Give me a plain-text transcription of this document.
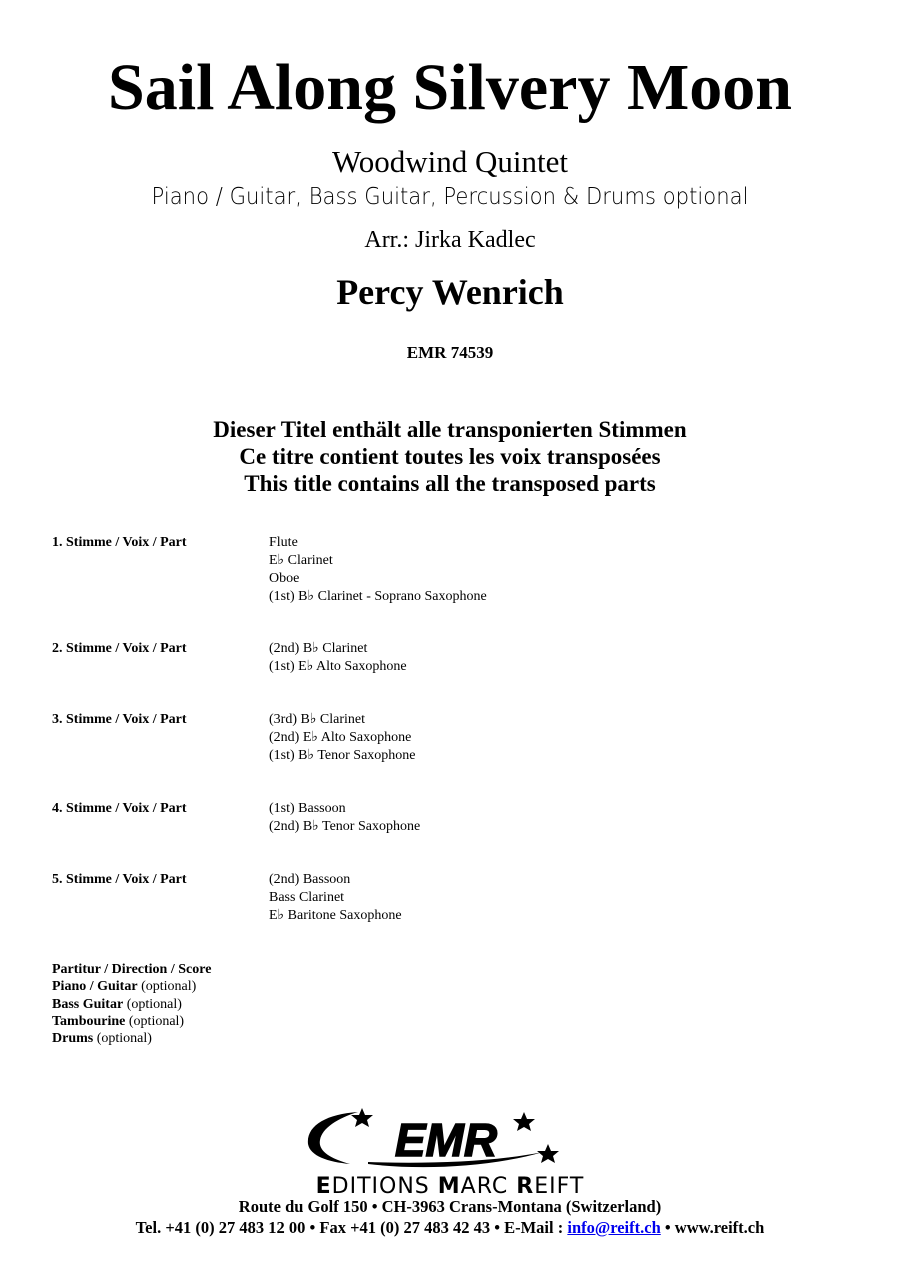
Sail Along Silvery Moon
Woodwind Quintet
Piano / Guitar, Bass Guitar, Percussion & Drums optional
Arr.: Jirka Kadlec
Percy Wenrich
EMR 74539
Dieser Titel enthält alle transponierten Stimmen
Ce titre contient toutes les voix transposées
This title contains all the transposed parts
1. Stimme / Voix / Part	Flute
E♭ Clarinet
Oboe
(1st) B♭ Clarinet - Soprano Saxophone
2. Stimme / Voix / Part	(2nd) B♭ Clarinet
(1st) E♭ Alto Saxophone
3. Stimme / Voix / Part	(3rd) B♭ Clarinet
(2nd) E♭ Alto Saxophone
(1st) B♭ Tenor Saxophone
4. Stimme / Voix / Part	(1st) Bassoon
(2nd) B♭ Tenor Saxophone
5. Stimme / Voix / Part	(2nd) Bassoon
Bass Clarinet
E♭ Baritone Saxophone
Partitur / Direction / Score
Piano / Guitar (optional)
Bass Guitar (optional)
Tambourine (optional)
Drums (optional)
EMR
EDITIONS MARC REIFT
Route du Golf 150 • CH-3963 Crans-Montana (Switzerland)
Tel. +41 (0) 27 483 12 00 • Fax +41 (0) 27 483 42 43 • E-Mail : info@reift.ch • www.reift.ch
